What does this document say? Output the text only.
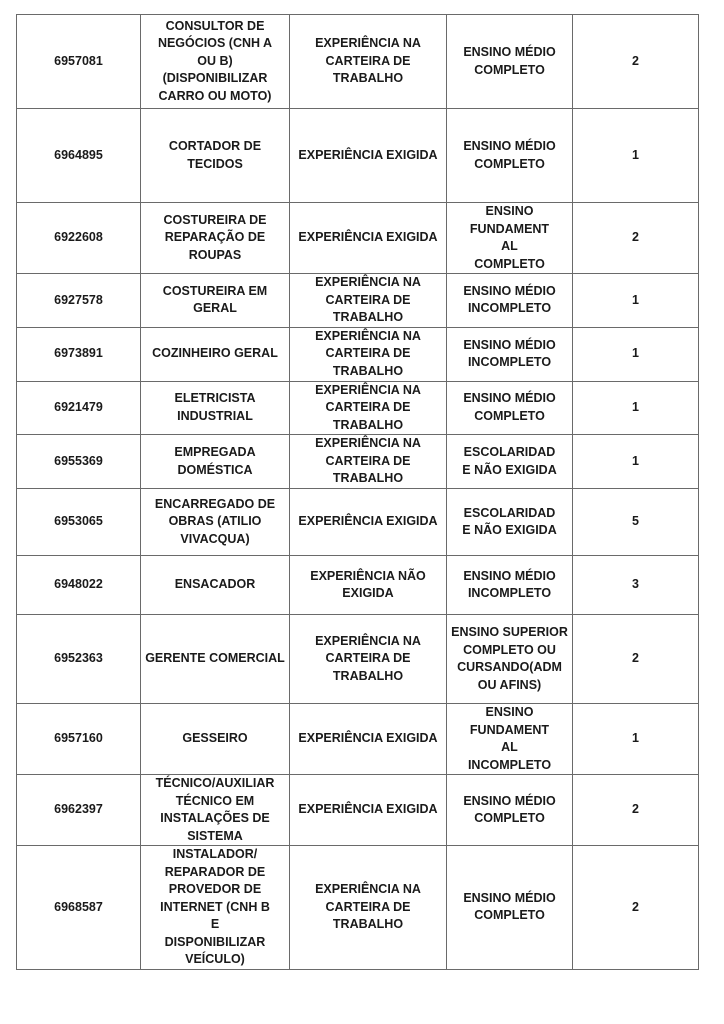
6957081	CONSULTOR DE NEGÓCIOS (CNH A OU B) (DISPONIBILIZAR CARRO OU MOTO)	EXPERIÊNCIA NA CARTEIRA DE TRABALHO	ENSINO MÉDIO COMPLETO	2
6964895	CORTADOR DE TECIDOS	EXPERIÊNCIA EXIGIDA	ENSINO MÉDIO COMPLETO	1
6922608	COSTUREIRA DE REPARAÇÃO DE ROUPAS	EXPERIÊNCIA EXIGIDA	ENSINO FUNDAMENTAL COMPLETO	2
6927578	COSTUREIRA EM GERAL	EXPERIÊNCIA NA CARTEIRA DE TRABALHO	ENSINO MÉDIO INCOMPLETO	1
6973891	COZINHEIRO GERAL	EXPERIÊNCIA NA CARTEIRA DE TRABALHO	ENSINO MÉDIO INCOMPLETO	1
6921479	ELETRICISTA INDUSTRIAL	EXPERIÊNCIA NA CARTEIRA DE TRABALHO	ENSINO MÉDIO COMPLETO	1
6955369	EMPREGADA DOMÉSTICA	EXPERIÊNCIA NA CARTEIRA DE TRABALHO	ESCOLARIDADE NÃO EXIGIDA	1
6953065	ENCARREGADO DE OBRAS (ATILIO VIVACQUA)	EXPERIÊNCIA EXIGIDA	ESCOLARIDADE NÃO EXIGIDA	5
6948022	ENSACADOR	EXPERIÊNCIA NÃO EXIGIDA	ENSINO MÉDIO INCOMPLETO	3
6952363	GERENTE COMERCIAL	EXPERIÊNCIA NA CARTEIRA DE TRABALHO	ENSINO SUPERIOR COMPLETO OU CURSANDO(ADM OU AFINS)	2
6957160	GESSEIRO	EXPERIÊNCIA EXIGIDA	ENSINO FUNDAMENTAL INCOMPLETO	1
6962397	TÉCNICO/AUXILIAR TÉCNICO EM INSTALAÇÕES DE SISTEMA	EXPERIÊNCIA EXIGIDA	ENSINO MÉDIO COMPLETO	2
6968587	INSTALADOR/ REPARADOR DE PROVEDOR DE INTERNET (CNH B E DISPONIBILIZAR VEÍCULO)	EXPERIÊNCIA NA CARTEIRA DE TRABALHO	ENSINO MÉDIO COMPLETO	2
